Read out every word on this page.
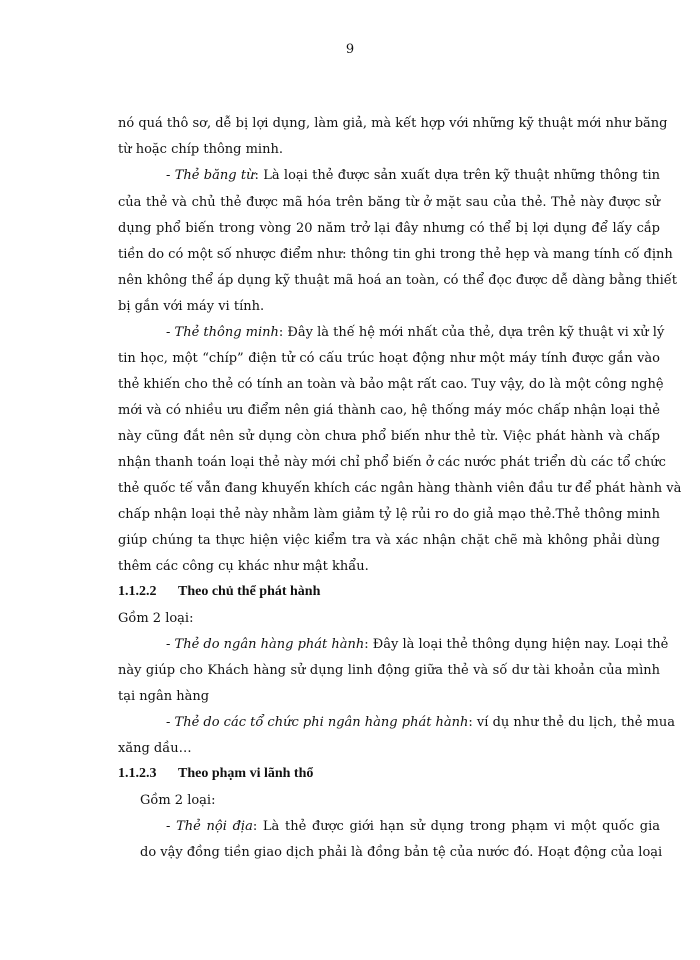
9
nó quá thô sơ, dễ bị lợi dụng, làm giả, mà kết hợp với những kỹ thuật mới như băng
từ hoặc chíp thông minh.
- Thẻ băng từ: Là loại thẻ được sản xuất dựa trên kỹ thuật những thông tin
của thẻ và chủ thẻ được mã hóa trên băng từ ở mặt sau của thẻ. Thẻ này được sử
dụng phổ biến trong vòng 20 năm trở lại đây nhưng có thể bị lợi dụng để lấy cắp
tiền do có một số nhược điểm như: thông tin ghi trong thẻ hẹp và mang tính cố định
nên không thể áp dụng kỹ thuật mã hoá an toàn, có thể đọc được dễ dàng bằng thiết
bị gắn với máy vi tính.
- Thẻ thông minh: Đây là thế hệ mới nhất của thẻ, dựa trên kỹ thuật vi xử lý
tin học, một “chíp” điện tử có cấu trúc hoạt động như một máy tính được gắn vào
thẻ khiến cho thẻ có tính an toàn và bảo mật rất cao. Tuy vậy, do là một công nghệ
mới và có nhiều ưu điểm nên giá thành cao, hệ thống máy móc chấp nhận loại thẻ
này cũng đắt nên sử dụng còn chưa phổ biến như thẻ từ. Việc phát hành và chấp
nhận thanh toán loại thẻ này mới chỉ phổ biến ở các nước phát triển dù các tổ chức
thẻ quốc tế vẫn đang khuyến khích các ngân hàng thành viên đầu tư để phát hành và
chấp nhận loại thẻ này nhằm làm giảm tỷ lệ rủi ro do giả mạo thẻ.Thẻ thông minh
giúp chúng ta thực hiện việc kiểm tra và xác nhận chặt chẽ mà không phải dùng
thêm các công cụ khác như mật khẩu.
1.1.2.2 Theo chủ thể phát hành
Gồm 2 loại:
- Thẻ do ngân hàng phát hành: Đây là loại thẻ thông dụng hiện nay. Loại thẻ
này giúp cho Khách hàng sử dụng linh động giữa thẻ và số dư tài khoản của mình
tại ngân hàng
- Thẻ do các tổ chức phi ngân hàng phát hành: ví dụ như thẻ du lịch, thẻ mua
xăng dầu…
1.1.2.3 Theo phạm vi lãnh thổ
Gồm 2 loại:
- Thẻ nội địa: Là thẻ được giới hạn sử dụng trong phạm vi một quốc gia
do vậy đồng tiền giao dịch phải là đồng bản tệ của nước đó. Hoạt động của loại
